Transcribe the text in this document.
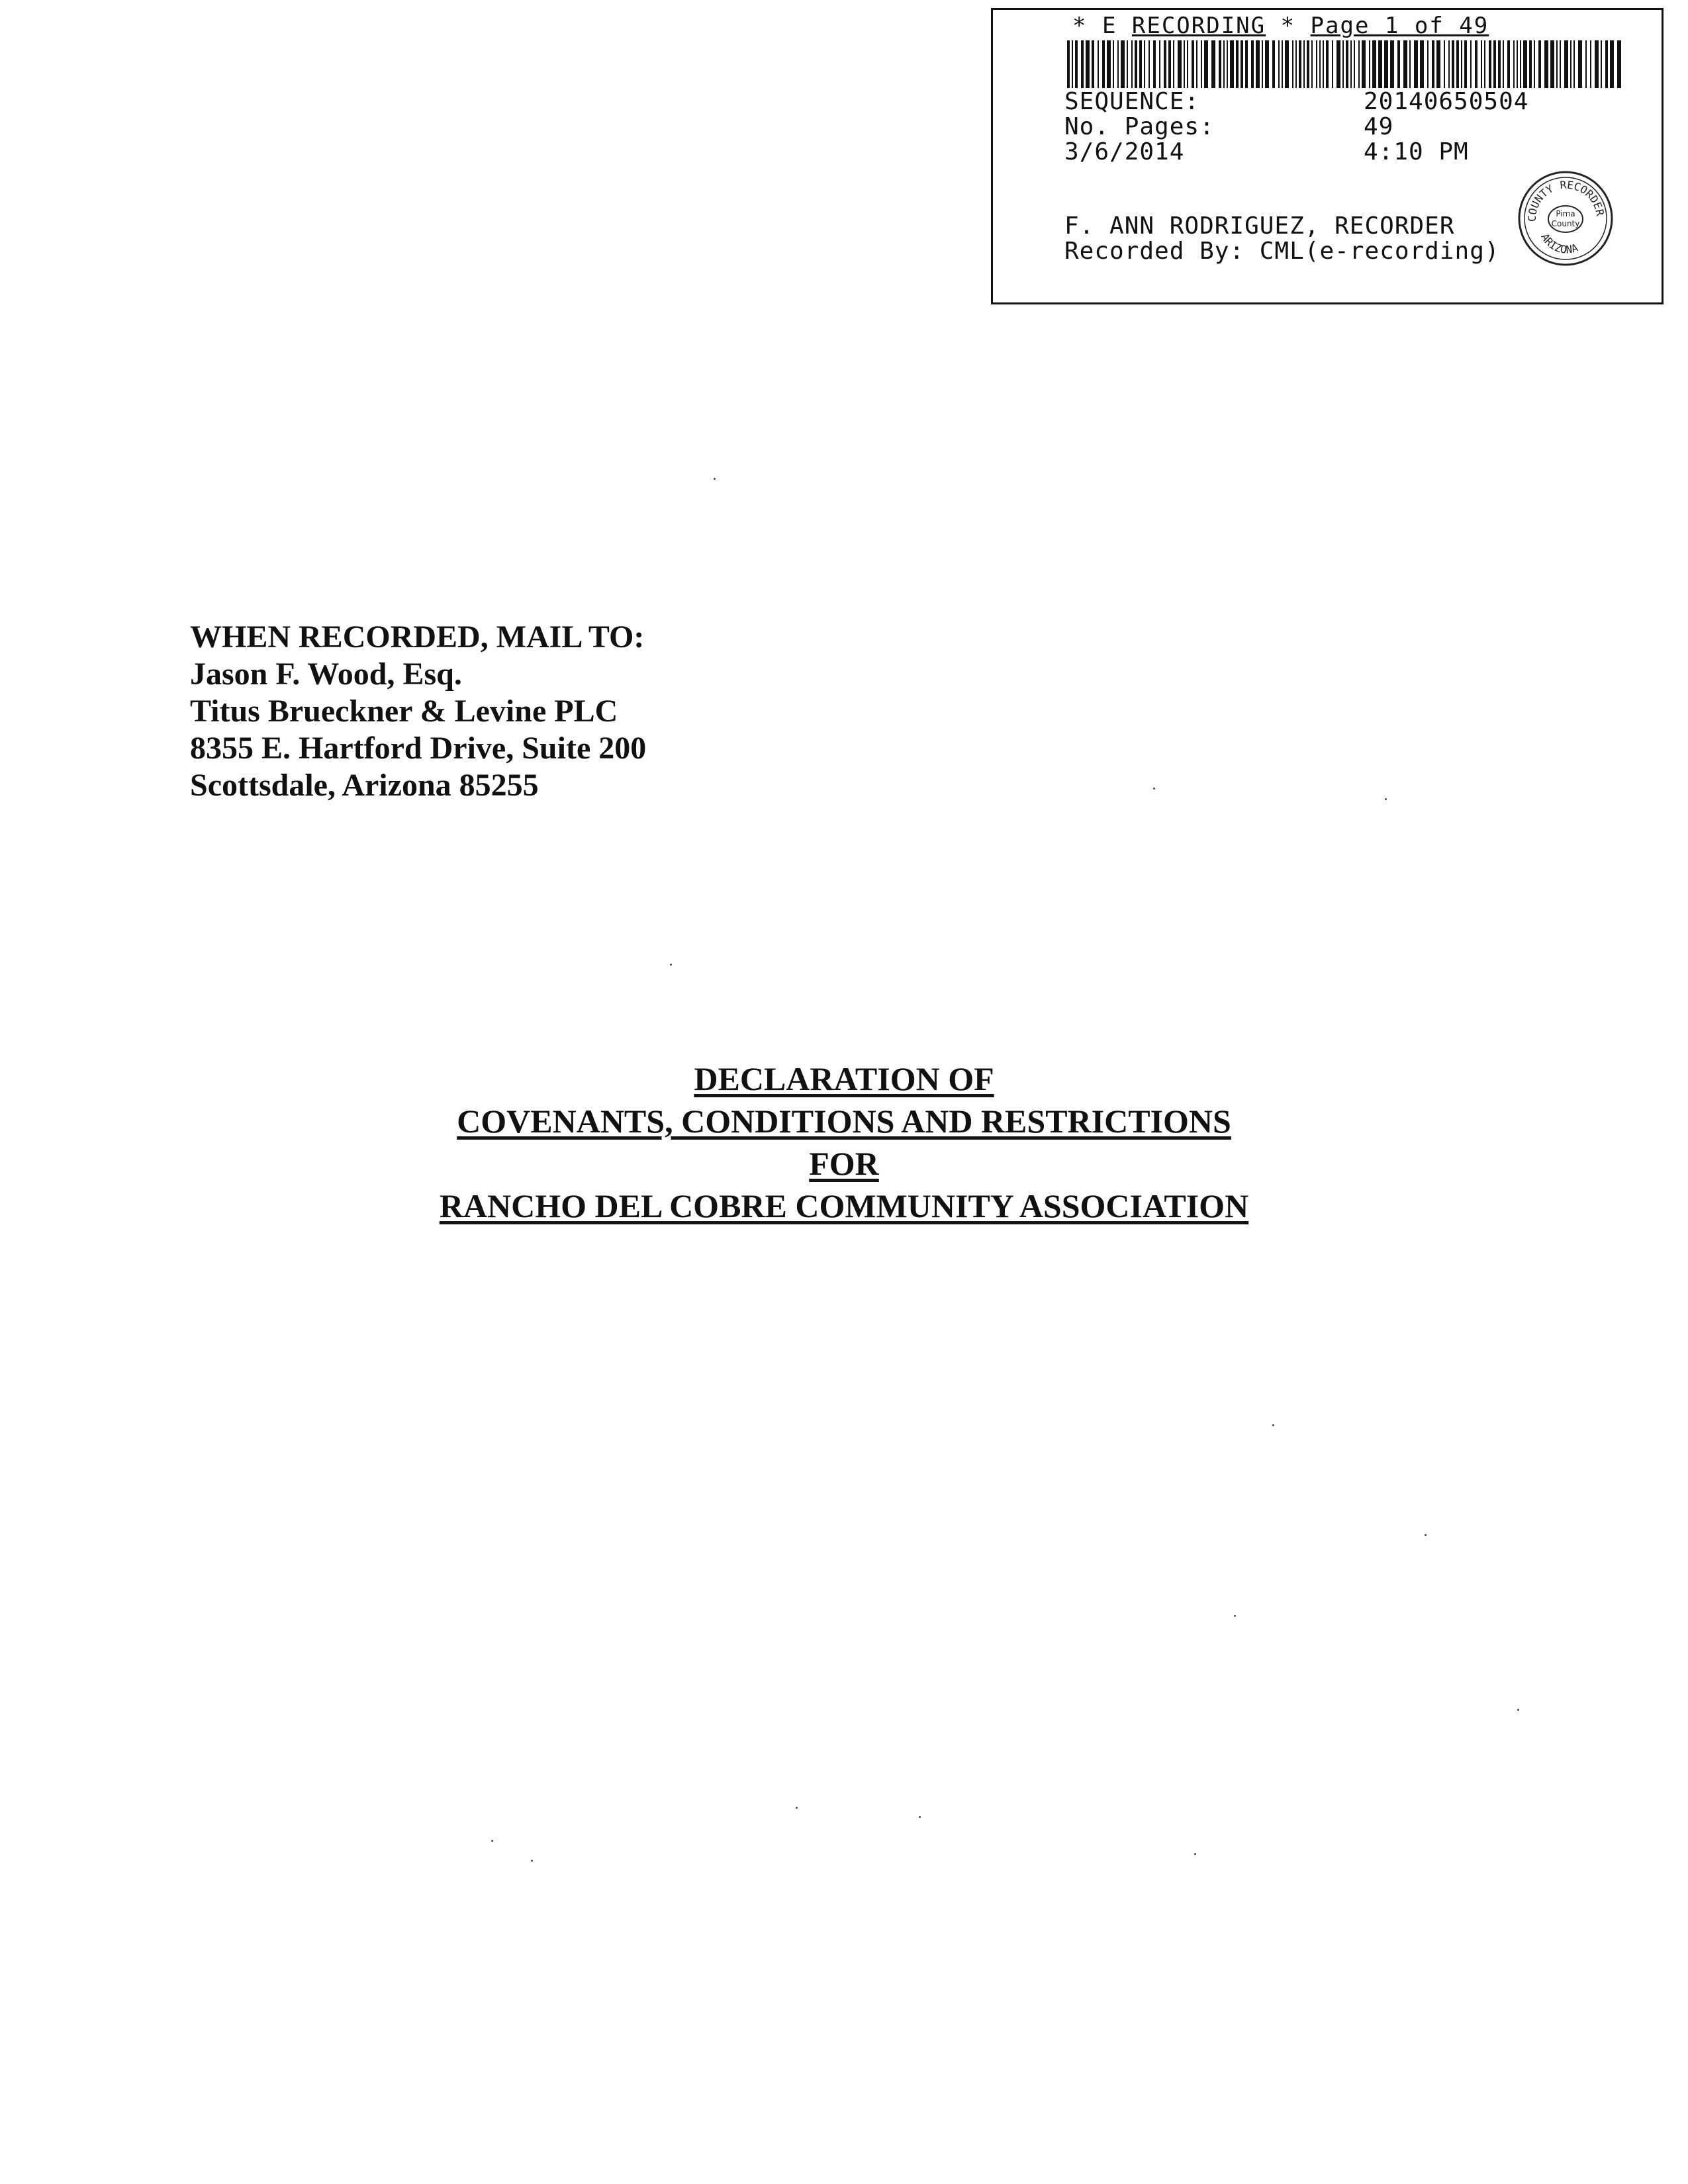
* E RECORDING * Page 1 of 49
SEQUENCE:	20140650504
No. Pages:	49
3/6/2014	4:10 PM
F. ANN RODRIGUEZ, RECORDER
Recorded By: CML(e-recording)
COUNTY RECORDER
ARIZONA
Pima
County
WHEN RECORDED, MAIL TO:
Jason F. Wood, Esq.
Titus Brueckner & Levine PLC
8355 E. Hartford Drive, Suite 200
Scottsdale, Arizona 85255
DECLARATION OF
COVENANTS, CONDITIONS AND RESTRICTIONS
FOR
RANCHO DEL COBRE COMMUNITY ASSOCIATION
